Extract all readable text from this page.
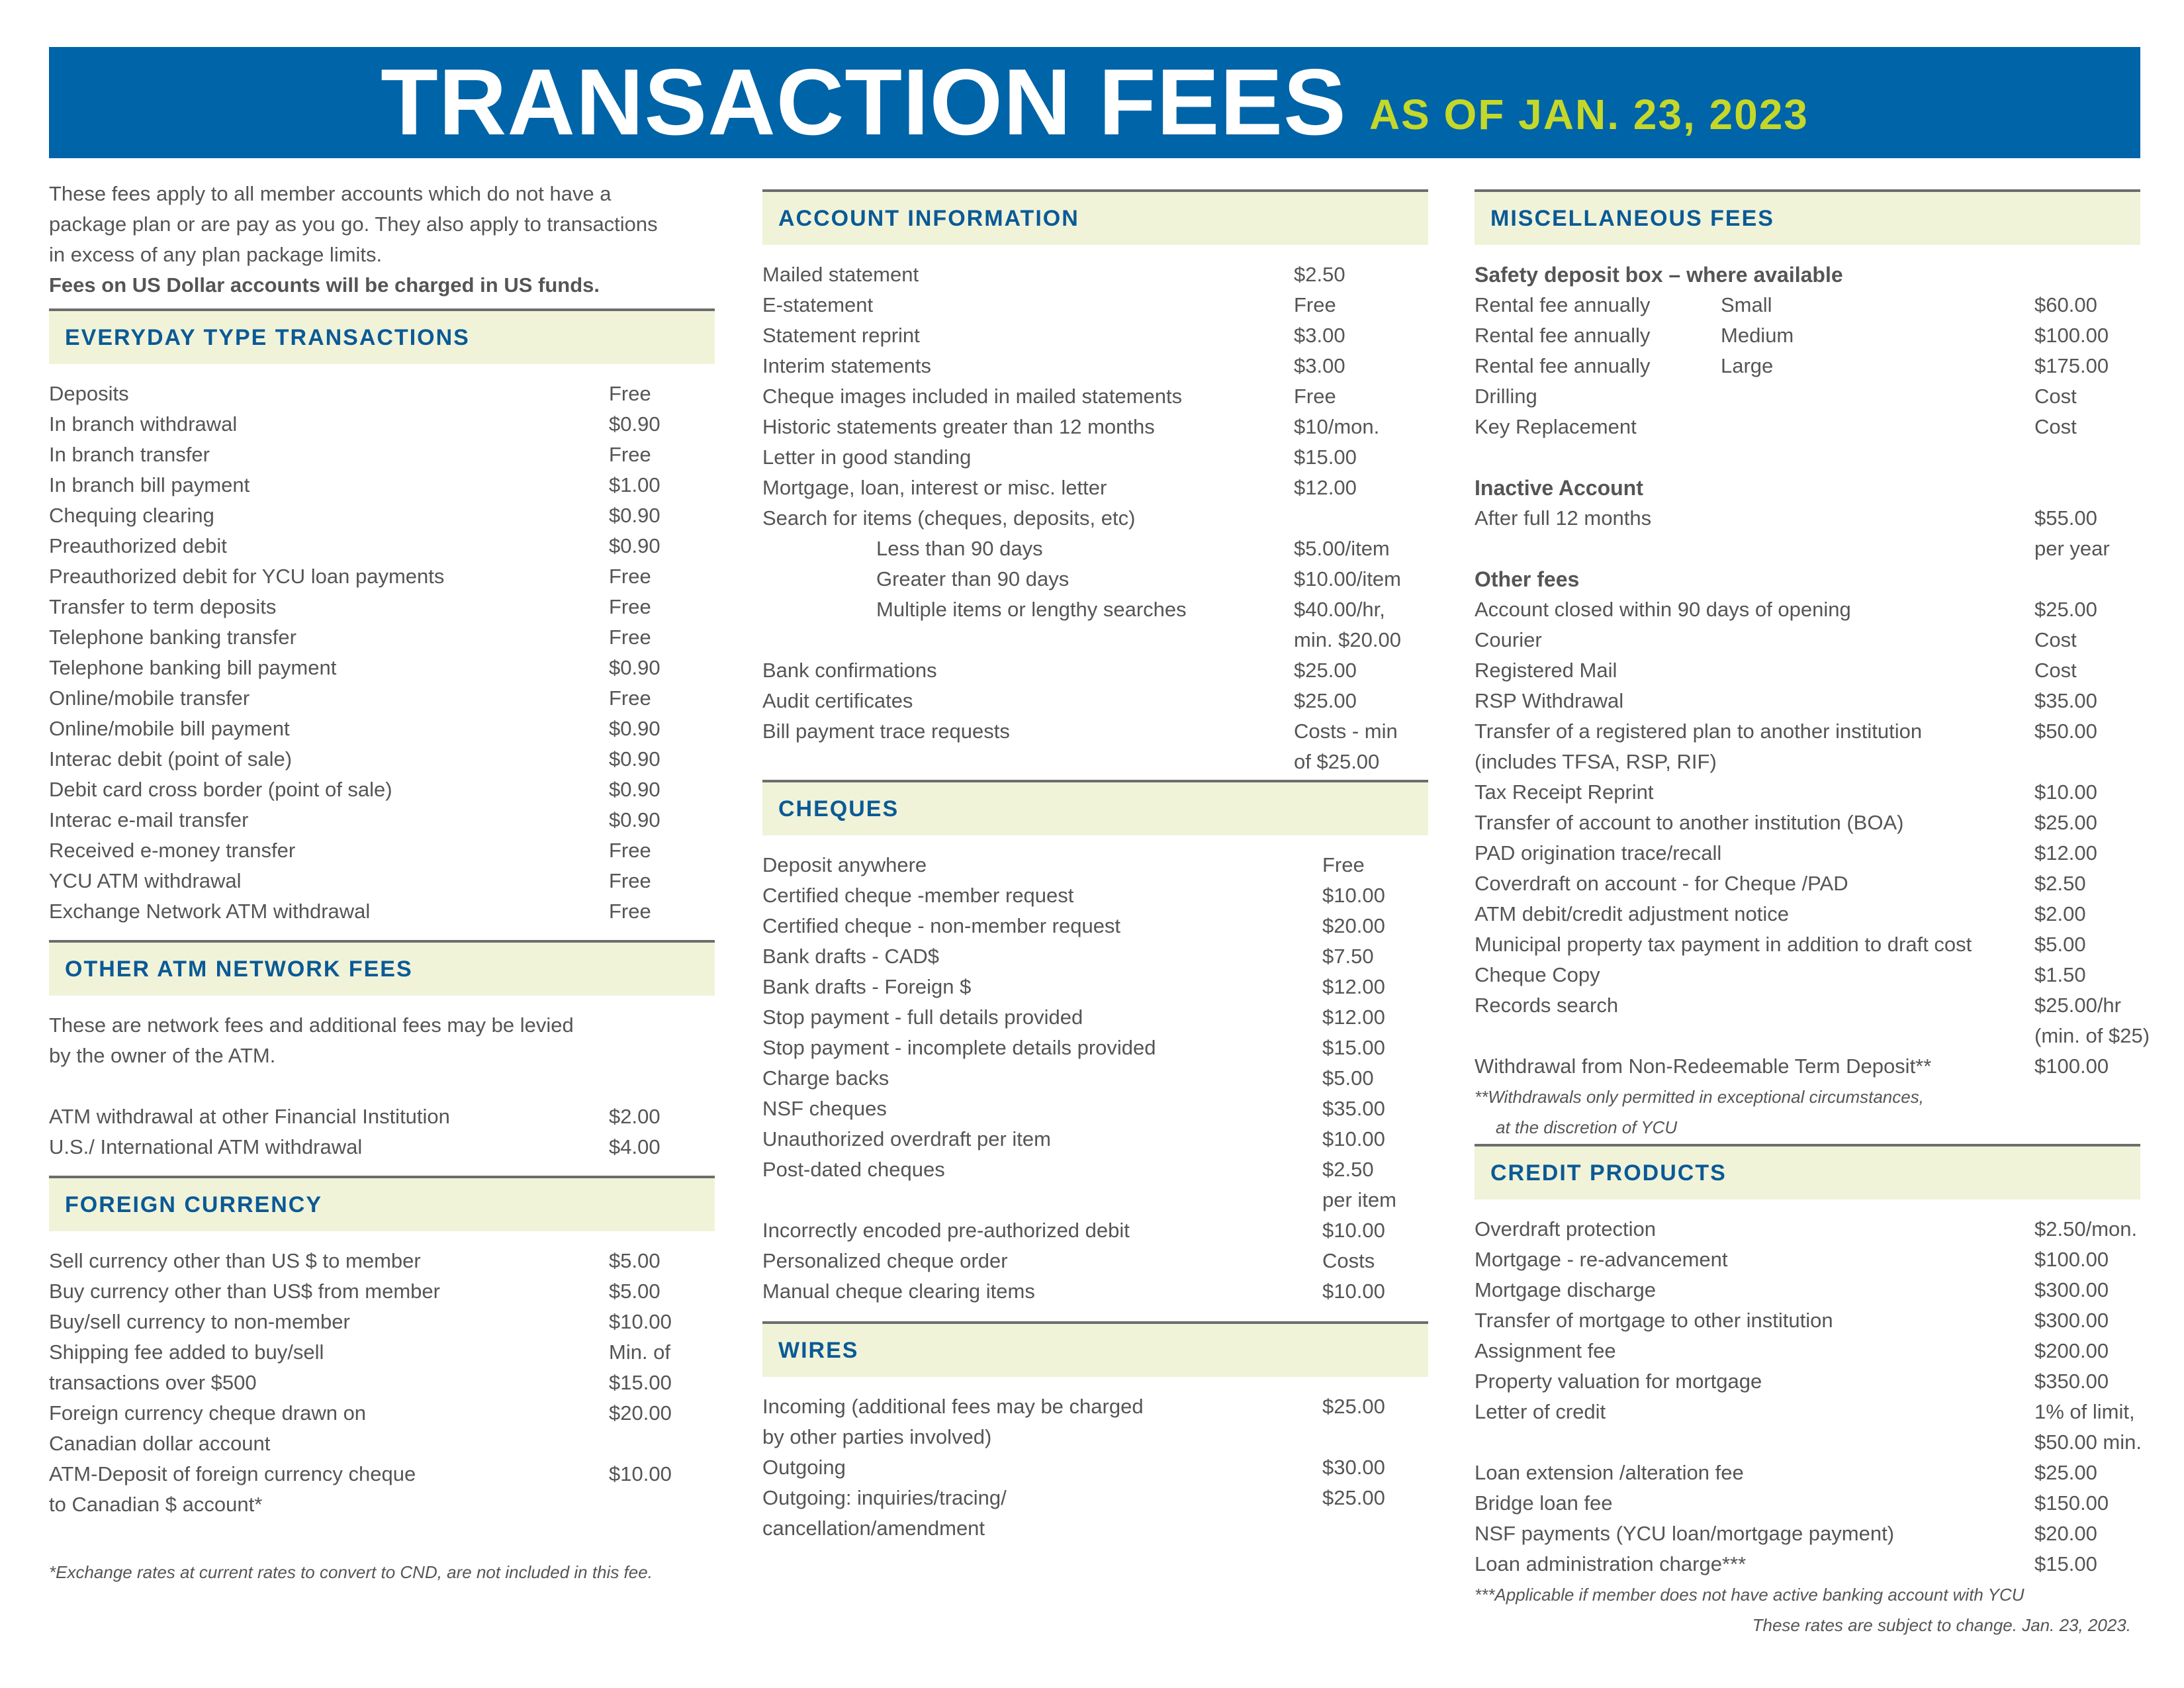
TRANSACTION FEES AS OF JAN. 23, 2023
These fees apply to all member accounts which do not have a
package plan or are pay as you go. They also apply to transactions
in excess of any plan package limits.
Fees on US Dollar accounts will be charged in US funds.
EVERYDAY TYPE TRANSACTIONS
Deposits	Free
In branch withdrawal	$0.90
In branch transfer	Free
In branch bill payment	$1.00
Chequing clearing	$0.90
Preauthorized debit	$0.90
Preauthorized debit for YCU loan payments	Free
Transfer to term deposits	Free
Telephone banking transfer	Free
Telephone banking bill payment	$0.90
Online/mobile transfer	Free
Online/mobile bill payment	$0.90
Interac debit (point of sale)	$0.90
Debit card cross border (point of sale)	$0.90
Interac e-mail transfer	$0.90
Received e-money transfer	Free
YCU ATM withdrawal	Free
Exchange Network ATM withdrawal	Free
OTHER ATM NETWORK FEES
These are network fees and additional fees may be levied
by the owner of the ATM.
ATM withdrawal at other Financial Institution	$2.00
U.S./ International ATM withdrawal	$4.00
FOREIGN CURRENCY
Sell currency other than US $ to member	$5.00
Buy currency other than US$ from member	$5.00
Buy/sell currency to non-member	$10.00
Shipping fee added to buy/sell	Min. of
transactions over $500	$15.00
Foreign currency cheque drawn on	$20.00
Canadian dollar account
ATM-Deposit of foreign currency cheque	$10.00
to Canadian $ account*
*Exchange rates at current rates to convert to CND, are not included in this fee.
ACCOUNT INFORMATION
Mailed statement	$2.50
E-statement	Free
Statement reprint	$3.00
Interim statements	$3.00
Cheque images included in mailed statements	Free
Historic statements greater than 12 months	$10/mon.
Letter in good standing	$15.00
Mortgage, loan, interest or misc. letter	$12.00
Search for items (cheques, deposits, etc)
Less than 90 days	$5.00/item
Greater than 90 days	$10.00/item
Multiple items or lengthy searches	$40.00/hr,
min. $20.00
Bank confirmations	$25.00
Audit certificates	$25.00
Bill payment trace requests	Costs - min
of $25.00
CHEQUES
Deposit anywhere	Free
Certified cheque -member request	$10.00
Certified cheque - non-member request	$20.00
Bank drafts - CAD$	$7.50
Bank drafts - Foreign $	$12.00
Stop payment - full details provided	$12.00
Stop payment - incomplete details provided	$15.00
Charge backs	$5.00
NSF cheques	$35.00
Unauthorized overdraft per item	$10.00
Post-dated cheques	$2.50
per item
Incorrectly encoded pre-authorized debit	$10.00
Personalized cheque order	Costs
Manual cheque clearing items	$10.00
WIRES
Incoming (additional fees may be charged	$25.00
by other parties involved)
Outgoing	$30.00
Outgoing: inquiries/tracing/	$25.00
cancellation/amendment
MISCELLANEOUS FEES
Safety deposit box – where available
Rental fee annually	Small	$60.00
Rental fee annually	Medium	$100.00
Rental fee annually	Large	$175.00
Drilling	Cost
Key Replacement	Cost
Inactive Account
After full 12 months	$55.00
per year
Other fees
Account closed within 90 days of opening	$25.00
Courier	Cost
Registered Mail	Cost
RSP Withdrawal	$35.00
Transfer of a registered plan to another institution	$50.00
(includes TFSA, RSP, RIF)
Tax Receipt Reprint	$10.00
Transfer of account to another institution (BOA)	$25.00
PAD origination trace/recall	$12.00
Coverdraft on account - for Cheque /PAD	$2.50
ATM debit/credit adjustment notice	$2.00
Municipal property tax payment in addition to draft cost	$5.00
Cheque Copy	$1.50
Records search	$25.00/hr
(min. of $25)
Withdrawal from Non-Redeemable Term Deposit**	$100.00
**Withdrawals only permitted in exceptional circumstances,
at the discretion of YCU
CREDIT PRODUCTS
Overdraft protection	$2.50/mon.
Mortgage - re-advancement	$100.00
Mortgage discharge	$300.00
Transfer of mortgage to other institution	$300.00
Assignment fee	$200.00
Property valuation for mortgage	$350.00
Letter of credit	1% of limit,
$50.00 min.
Loan extension /alteration fee	$25.00
Bridge loan fee	$150.00
NSF payments (YCU loan/mortgage payment)	$20.00
Loan administration charge***	$15.00
***Applicable if member does not have active banking account with YCU
These rates are subject to change. Jan. 23, 2023.
